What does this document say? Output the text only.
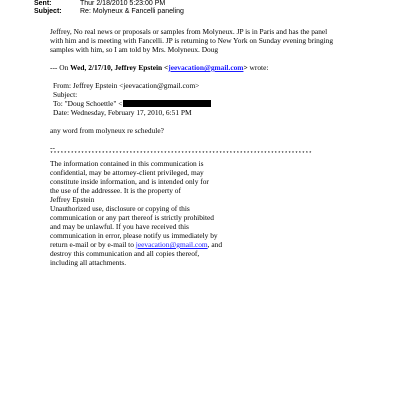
Sent:	Thur 2/18/2010 5:23:00 PM
Subject:	Re: Molyneux & Fancelli paneling
Jeffrey, No real news or proposals or samples from Molyneux. JP is in Paris and has the panel
with him and is meeting with Fancelli. JP is returning to New York on Sunday evening bringing
samples with him, so I am told by Mrs. Molyneux. Doug
--- On Wed, 2/17/10, Jeffrey Epstein <jeevacation@gmail.com> wrote:
From: Jeffrey Epstein <jeevacation@gmail.com>
Subject:
To: "Doug Schoettle" <
Date: Wednesday, February 17, 2010, 6:51 PM
any word from molyneux re schedule?
--
****************************************************************************
The information contained in this communication is
confidential, may be attorney-client privileged, may
constitute inside information, and is intended only for
the use of the addressee. It is the property of
Jeffrey Epstein
Unauthorized use, disclosure or copying of this
communication or any part thereof is strictly prohibited
and may be unlawful. If you have received this
communication in error, please notify us immediately by
return e-mail or by e-mail to jeevacation@gmail.com, and
destroy this communication and all copies thereof,
including all attachments.
